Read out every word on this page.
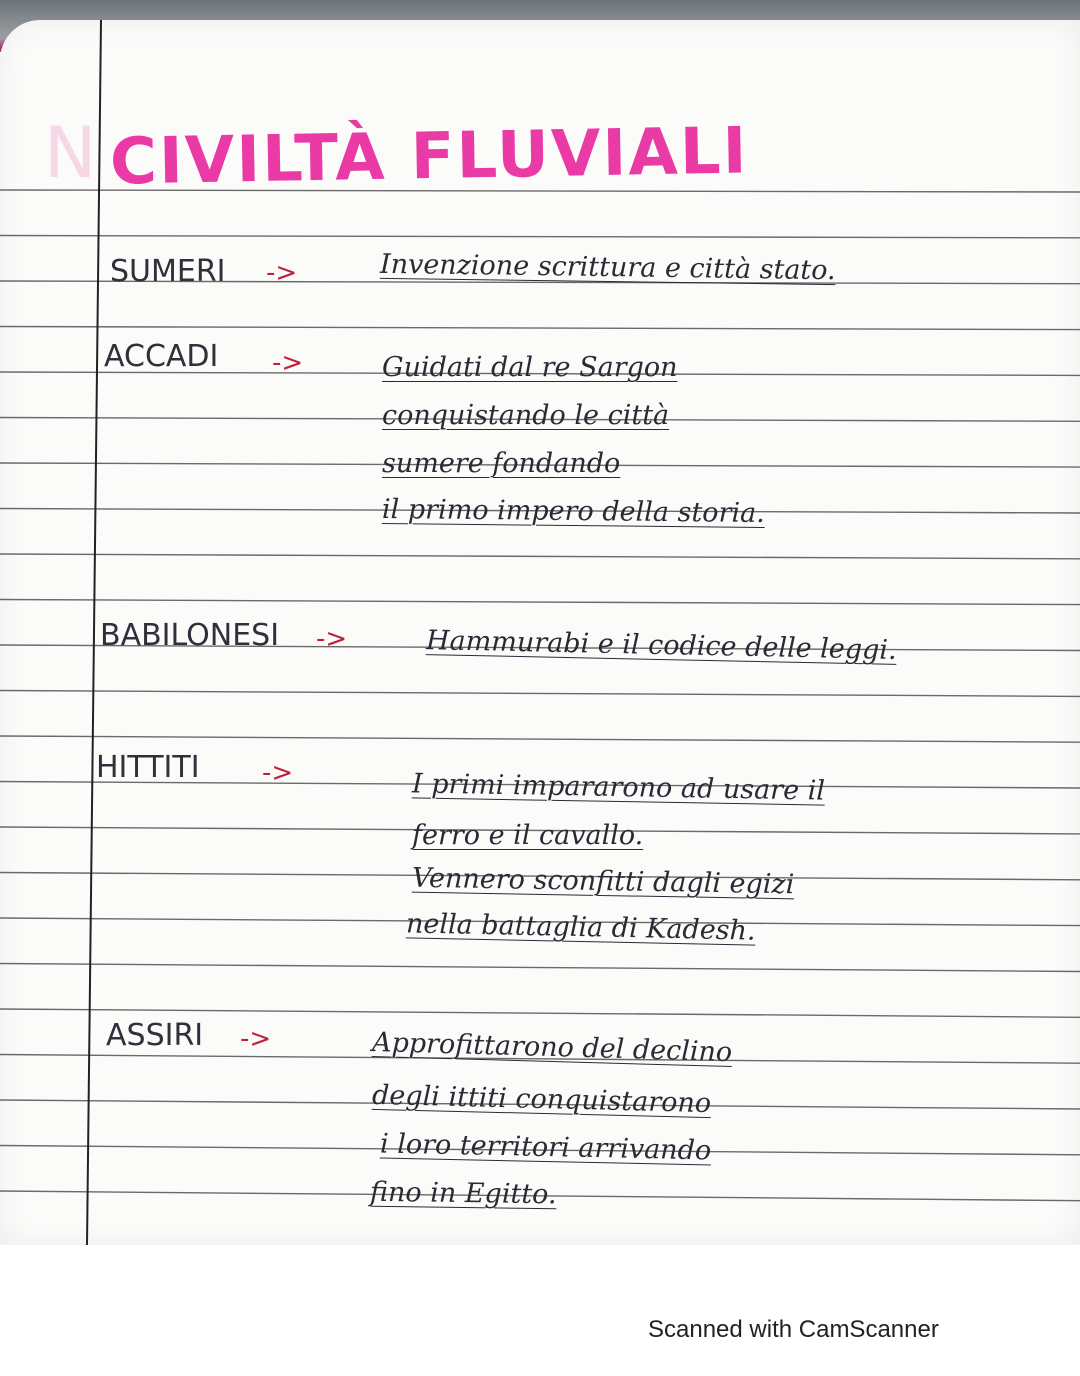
N CIVILTÀ FLUVIALI
SUMERI ->	Invenzione scrittura e città stato.
ACCADI ->	Guidati dal re Sargon
conquistando le città
sumere fondando
il primo impero della storia.
BABILONESI ->	Hammurabi e il codice delle leggi.
HITTITI ->	I primi impararono ad usare il
ferro e il cavallo.
Vennero sconfitti dagli egizi
nella battaglia di Kadesh.
ASSIRI ->	Approfittarono del declino
degli ittiti conquistarono
i loro territori arrivando
fino in Egitto.
Scanned with CamScanner
